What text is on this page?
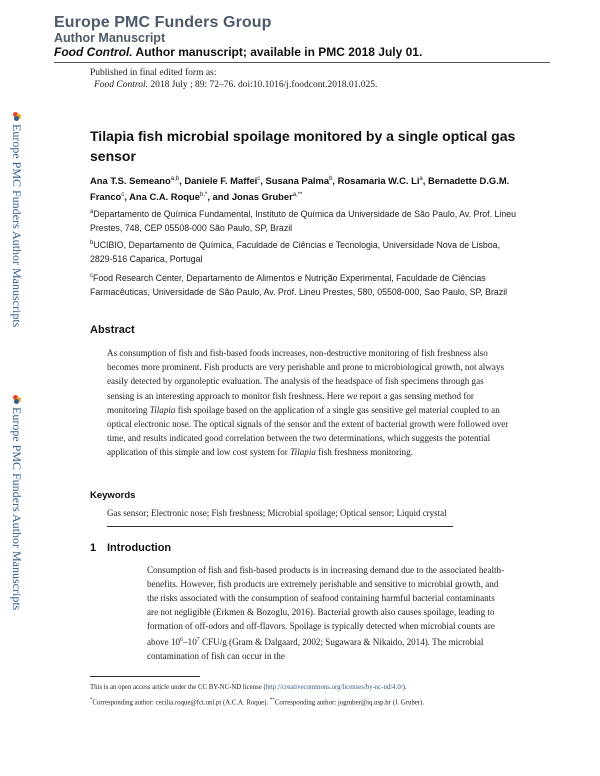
Europe PMC Funders Group
Author Manuscript
Food Control. Author manuscript; available in PMC 2018 July 01.
Published in final edited form as:
Food Control. 2018 July ; 89: 72–76. doi:10.1016/j.foodcont.2018.01.025.
Europe PMC Funders Author Manuscripts
Europe PMC Funders Author Manuscripts
Tilapia fish microbial spoilage monitored by a single optical gas sensor
Ana T.S. Semeano$^{a,b}$, Daniele F. Maffei$^c$, Susana Palma$^b$, Rosamaria W.C. Li$^a$, Bernadette D.G.M. Franco$^c$, Ana C.A. Roque$^{b,*}$, and Jonas Gruber$^{a,**}$
$^a$Departamento de Química Fundamental, Instituto de Química da Universidade de São Paulo, Av. Prof. Lineu Prestes, 748, CEP 05508-000 São Paulo, SP, Brazil
$^b$UCIBIO, Departamento de Química, Faculdade de Ciências e Tecnologia, Universidade Nova de Lisboa, 2829-516 Caparica, Portugal
$^c$Food Research Center, Departamento de Alimentos e Nutrição Experimental, Faculdade de Ciências Farmacêuticas, Universidade de São Paulo, Av. Prof. Lineu Prestes, 580, 05508-000, Sao Paulo, SP, Brazil
Abstract
As consumption of fish and fish-based foods increases, non-destructive monitoring of fish freshness also becomes more prominent. Fish products are very perishable and prone to microbiological growth, not always easily detected by organoleptic evaluation. The analysis of the headspace of fish specimens through gas sensing is an interesting approach to monitor fish freshness. Here we report a gas sensing method for monitoring Tilapia fish spoilage based on the application of a single gas sensitive gel material coupled to an optical electronic nose. The optical signals of the sensor and the extent of bacterial growth were followed over time, and results indicated good correlation between the two determinations, which suggests the potential application of this simple and low cost system for Tilapia fish freshness monitoring.
Keywords
Gas sensor; Electronic nose; Fish freshness; Microbial spoilage; Optical sensor; Liquid crystal
1 Introduction
Consumption of fish and fish-based products is in increasing demand due to the associated health-benefits. However, fish products are extremely perishable and sensitive to microbial growth, and the risks associated with the consumption of seafood containing harmful bacterial contaminants are not negligible (Erkmen & Bozoglu, 2016). Bacterial growth also causes spoilage, leading to formation of off-odors and off-flavors. Spoilage is typically detected when microbial counts are above $10^6-10^7$ CFU/g (Gram & Dalgaard, 2002; Sugawara & Nikaido, 2014). The microbial contamination of fish can occur in the
This is an open access article under the CC BY-NC-ND license (http://creativecommons.org/licenses/by-nc-nd/4.0/).
*Corresponding author: cecilia.roque@fct.unl.pt (A.C.A. Roque). **Corresponding author: jogruber@iq.usp.br (J. Gruber).
